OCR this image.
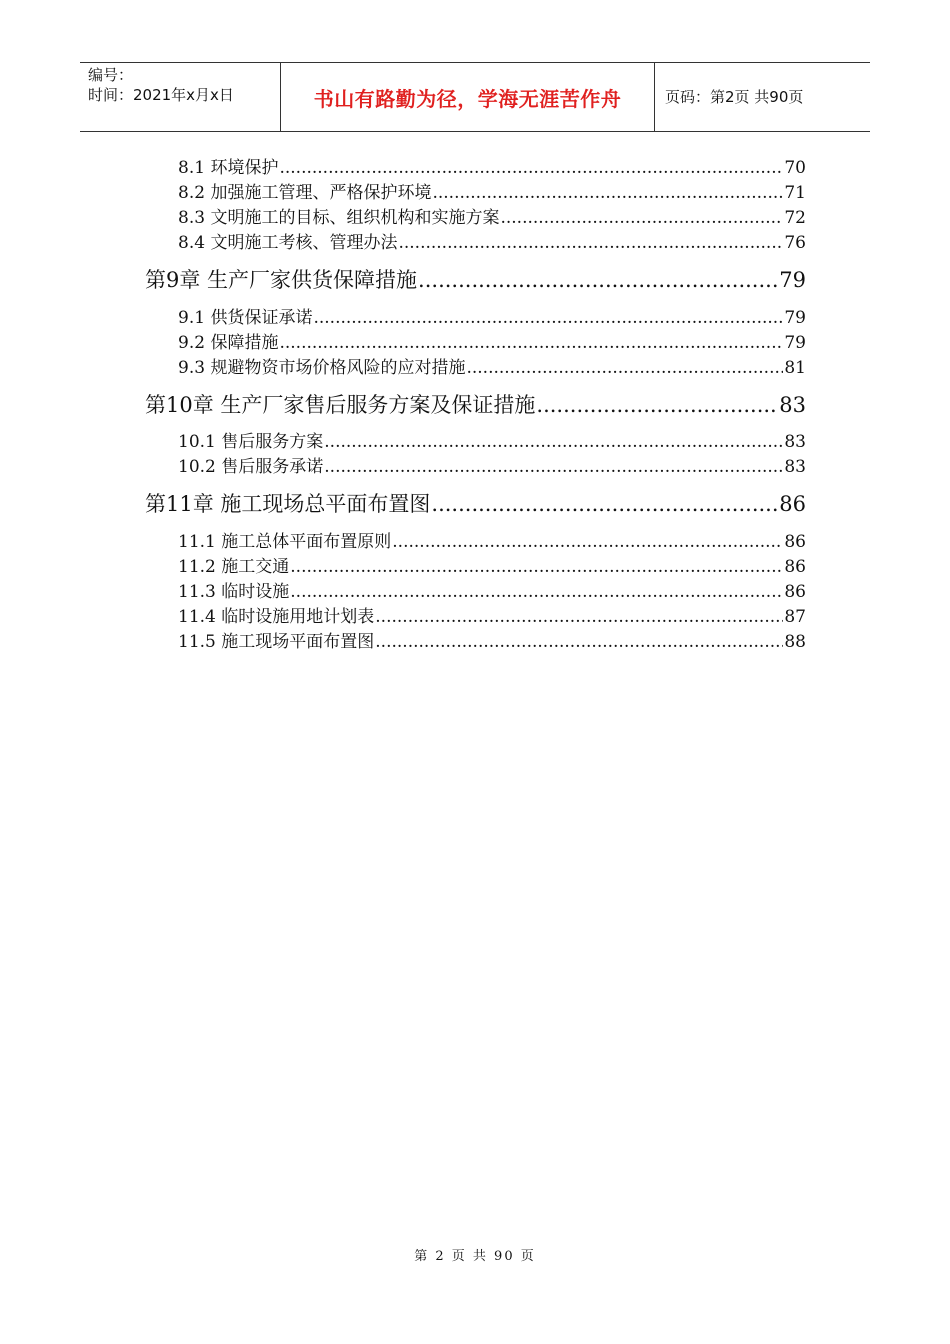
编号：
时间：2021年x月x日	书山有路勤为径，学海无涯苦作舟	页码：第2页 共90页
8.1 环境保护 .....	70
8.2 加强施工管理、严格保护环境 .....	71
8.3 文明施工的目标、组织机构和实施方案 .....	72
8.4 文明施工考核、管理办法 .....	76
第9章 生产厂家供货保障措施 .....	79
9.1 供货保证承诺 .....	79
9.2 保障措施 .....	79
9.3 规避物资市场价格风险的应对措施 .....	81
第10章 生产厂家售后服务方案及保证措施 .....	83
10.1 售后服务方案 .....	83
10.2 售后服务承诺 .....	83
第11章 施工现场总平面布置图 .....	86
11.1 施工总体平面布置原则 .....	86
11.2 施工交通 .....	86
11.3 临时设施 .....	86
11.4 临时设施用地计划表 .....	87
11.5 施工现场平面布置图 .....	88
第 2 页 共 90 页
